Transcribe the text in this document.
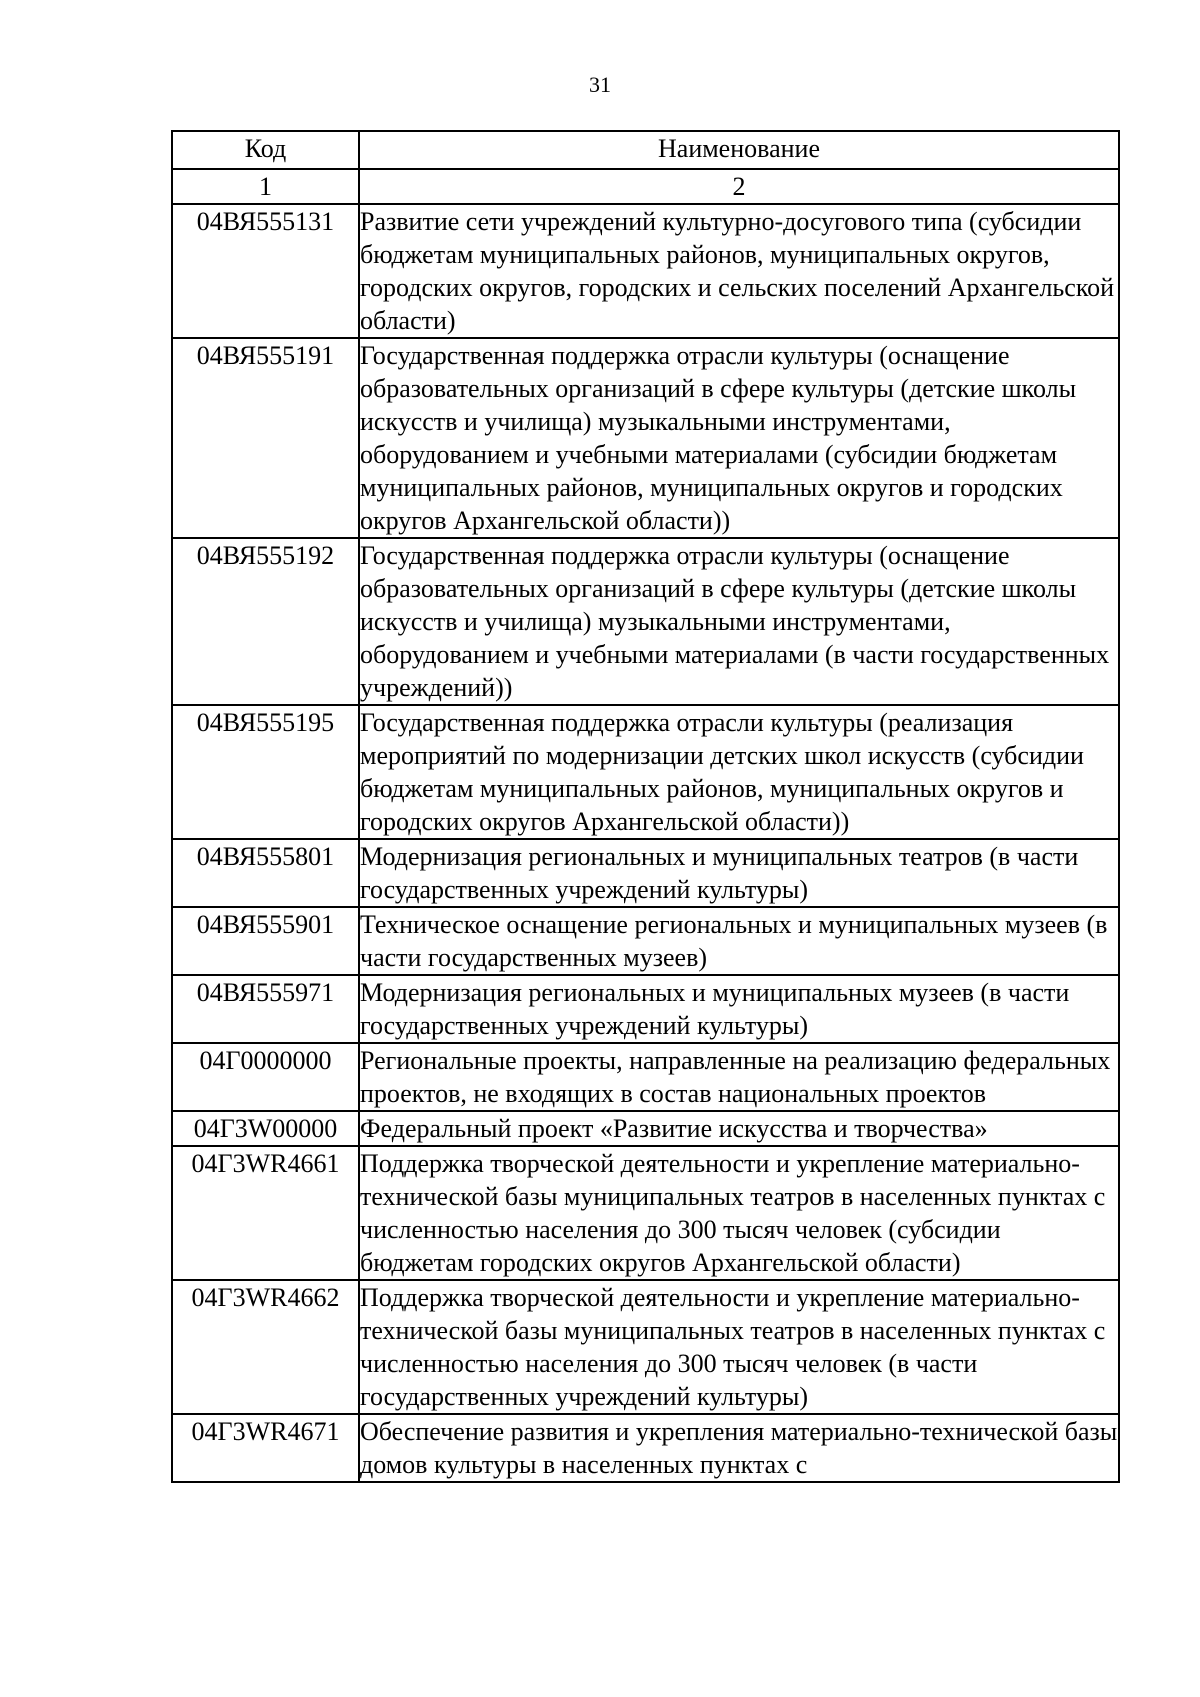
31
Код	Наименование
1	2
04ВЯ555131	Развитие сети учреждений культурно-досугового типа (субсидии бюджетам муниципальных районов, муниципальных округов, городских округов, городских и сельских поселений Архангельской области)
04ВЯ555191	Государственная поддержка отрасли культуры (оснащение образовательных организаций в сфере культуры (детские школы искусств и училища) музыкальными инструментами, оборудованием и учебными материалами (субсидии бюджетам муниципальных районов, муниципальных округов и городских округов Архангельской области))
04ВЯ555192	Государственная поддержка отрасли культуры (оснащение образовательных организаций в сфере культуры (детские школы искусств и училища) музыкальными инструментами, оборудованием и учебными материалами (в части государственных учреждений))
04ВЯ555195	Государственная поддержка отрасли культуры (реализация мероприятий по модернизации детских школ искусств (субсидии бюджетам муниципальных районов, муниципальных округов и городских округов Архангельской области))
04ВЯ555801	Модернизация региональных и муниципальных театров (в части государственных учреждений культуры)
04ВЯ555901	Техническое оснащение региональных и муниципальных музеев (в части государственных музеев)
04ВЯ555971	Модернизация региональных и муниципальных музеев (в части государственных учреждений культуры)
04Г0000000	Региональные проекты, направленные на реализацию федеральных проектов, не входящих в состав национальных проектов
04Г3W00000	Федеральный проект «Развитие искусства и творчества»
04Г3WR4661	Поддержка творческой деятельности и укрепление материально-технической базы муниципальных театров в населенных пунктах с численностью населения до 300 тысяч человек (субсидии бюджетам городских округов Архангельской области)
04Г3WR4662	Поддержка творческой деятельности и укрепление материально-технической базы муниципальных театров в населенных пунктах с численностью населения до 300 тысяч человек (в части государственных учреждений культуры)
04Г3WR4671	Обеспечение развития и укрепления материально-технической базы домов культуры в населенных пунктах с
